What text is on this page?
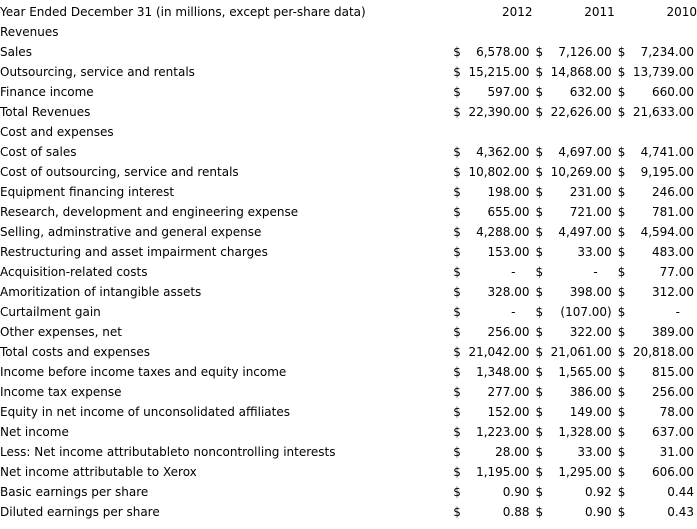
Year Ended December 31 (in millions, except per-share data)	2012	2011	2010
Revenues			
Sales	$ 6,578.00	$ 7,126.00	$ 7,234.00

Outsourcing, service and rentals	$ 15,215.00	$ 14,868.00	$ 13,739.00

Finance income	$ 597.00	$ 632.00	$ 660.00

Total Revenues	$ 22,390.00	$ 22,626.00	$ 21,633.00

Cost and expenses			
Cost of sales	$ 4,362.00	$ 4,697.00	$ 4,741.00

Cost of outsourcing, service and rentals	$ 10,802.00	$ 10,269.00	$ 9,195.00

Equipment financing interest	$ 198.00	$ 231.00	$ 246.00

Research, development and engineering expense	$ 655.00	$ 721.00	$ 781.00

Selling, adminstrative and general expense	$ 4,288.00	$ 4,497.00	$ 4,594.00

Restructuring and asset impairment charges	$ 153.00	$ 33.00	$ 483.00

Acquisition-related costs	$ -	$ -	$ 77.00

Amoritization of intangible assets	$ 328.00	$ 398.00	$ 312.00

Curtailment gain	$ -	$ (107.00)	$ -

Other expenses, net	$ 256.00	$ 322.00	$ 389.00

Total costs and expenses	$ 21,042.00	$ 21,061.00	$ 20,818.00

Income before income taxes and equity income	$ 1,348.00	$ 1,565.00	$ 815.00

Income tax expense	$ 277.00	$ 386.00	$ 256.00

Equity in net income of unconsolidated affiliates	$ 152.00	$ 149.00	$ 78.00

Net income	$ 1,223.00	$ 1,328.00	$ 637.00

Less: Net income attributableto noncontrolling interests	$ 28.00	$ 33.00	$ 31.00

Net income attributable to Xerox	$ 1,195.00	$ 1,295.00	$ 606.00

Basic earnings per share	$ 0.90	$ 0.92	$ 0.44

Diluted earnings per share	$ 0.88	$ 0.90	$ 0.43
